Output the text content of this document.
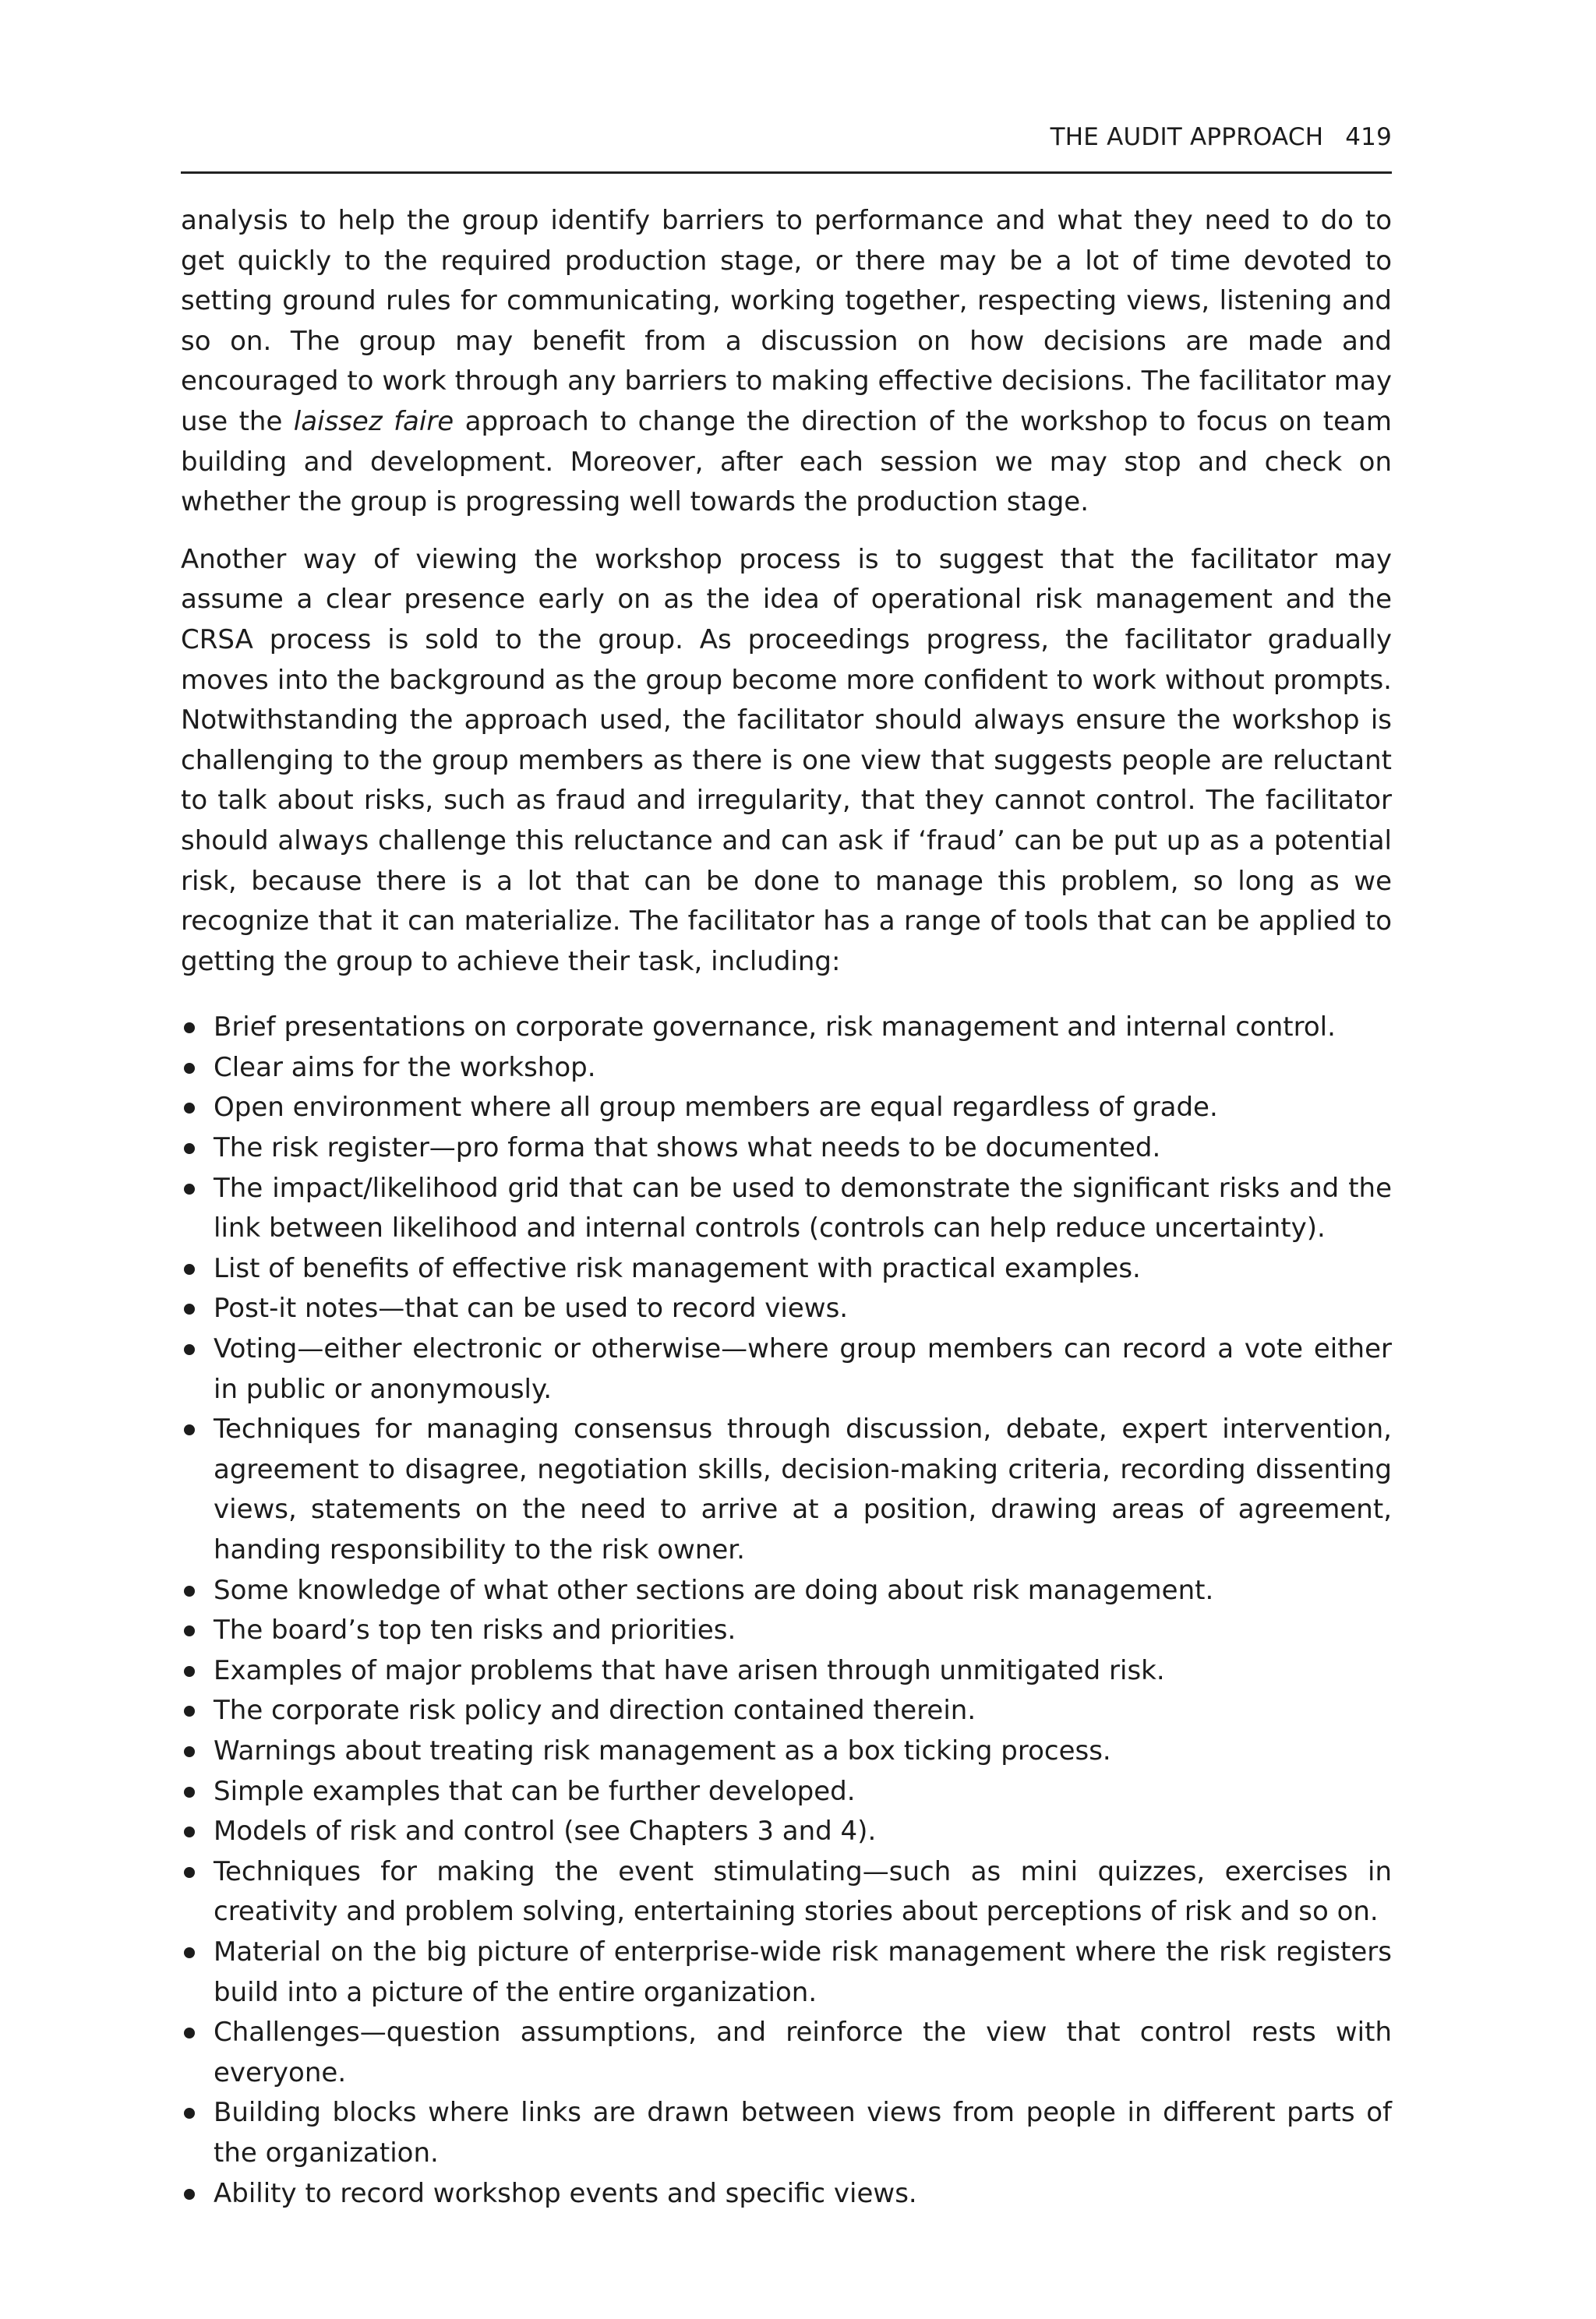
THE AUDIT APPROACH 419

analysis to help the group identify barriers to performance and what they need to do to get quickly to the required production stage, or there may be a lot of time devoted to setting ground rules for communicating, working together, respecting views, listening and so on. The group may benefit from a discussion on how decisions are made and encouraged to work through any barriers to making effective decisions. The facilitator may use the laissez faire approach to change the direction of the workshop to focus on team building and development. Moreover, after each session we may stop and check on whether the group is progressing well towards the production stage.

Another way of viewing the workshop process is to suggest that the facilitator may assume a clear presence early on as the idea of operational risk management and the CRSA process is sold to the group. As proceedings progress, the facilitator gradually moves into the background as the group become more confident to work without prompts. Notwithstanding the approach used, the facilitator should always ensure the workshop is challenging to the group members as there is one view that suggests people are reluctant to talk about risks, such as fraud and irregularity, that they cannot control. The facilitator should always challenge this reluctance and can ask if ‘fraud’ can be put up as a potential risk, because there is a lot that can be done to manage this problem, so long as we recognize that it can materialize. The facilitator has a range of tools that can be applied to getting the group to achieve their task, including:

Brief presentations on corporate governance, risk management and internal control.
Clear aims for the workshop.
Open environment where all group members are equal regardless of grade.
The risk register—pro forma that shows what needs to be documented.
The impact/likelihood grid that can be used to demonstrate the significant risks and the link between likelihood and internal controls (controls can help reduce uncertainty).
List of benefits of effective risk management with practical examples.
Post-it notes—that can be used to record views.
Voting—either electronic or otherwise—where group members can record a vote either in public or anonymously.
Techniques for managing consensus through discussion, debate, expert intervention, agreement to disagree, negotiation skills, decision-making criteria, recording dissenting views, statements on the need to arrive at a position, drawing areas of agreement, handing responsibility to the risk owner.
Some knowledge of what other sections are doing about risk management.
The board’s top ten risks and priorities.
Examples of major problems that have arisen through unmitigated risk.
The corporate risk policy and direction contained therein.
Warnings about treating risk management as a box ticking process.
Simple examples that can be further developed.
Models of risk and control (see Chapters 3 and 4).
Techniques for making the event stimulating—such as mini quizzes, exercises in creativity and problem solving, entertaining stories about perceptions of risk and so on.
Material on the big picture of enterprise-wide risk management where the risk registers build into a picture of the entire organization.
Challenges—question assumptions, and reinforce the view that control rests with everyone.
Building blocks where links are drawn between views from people in different parts of the organization.
Ability to record workshop events and specific views.
